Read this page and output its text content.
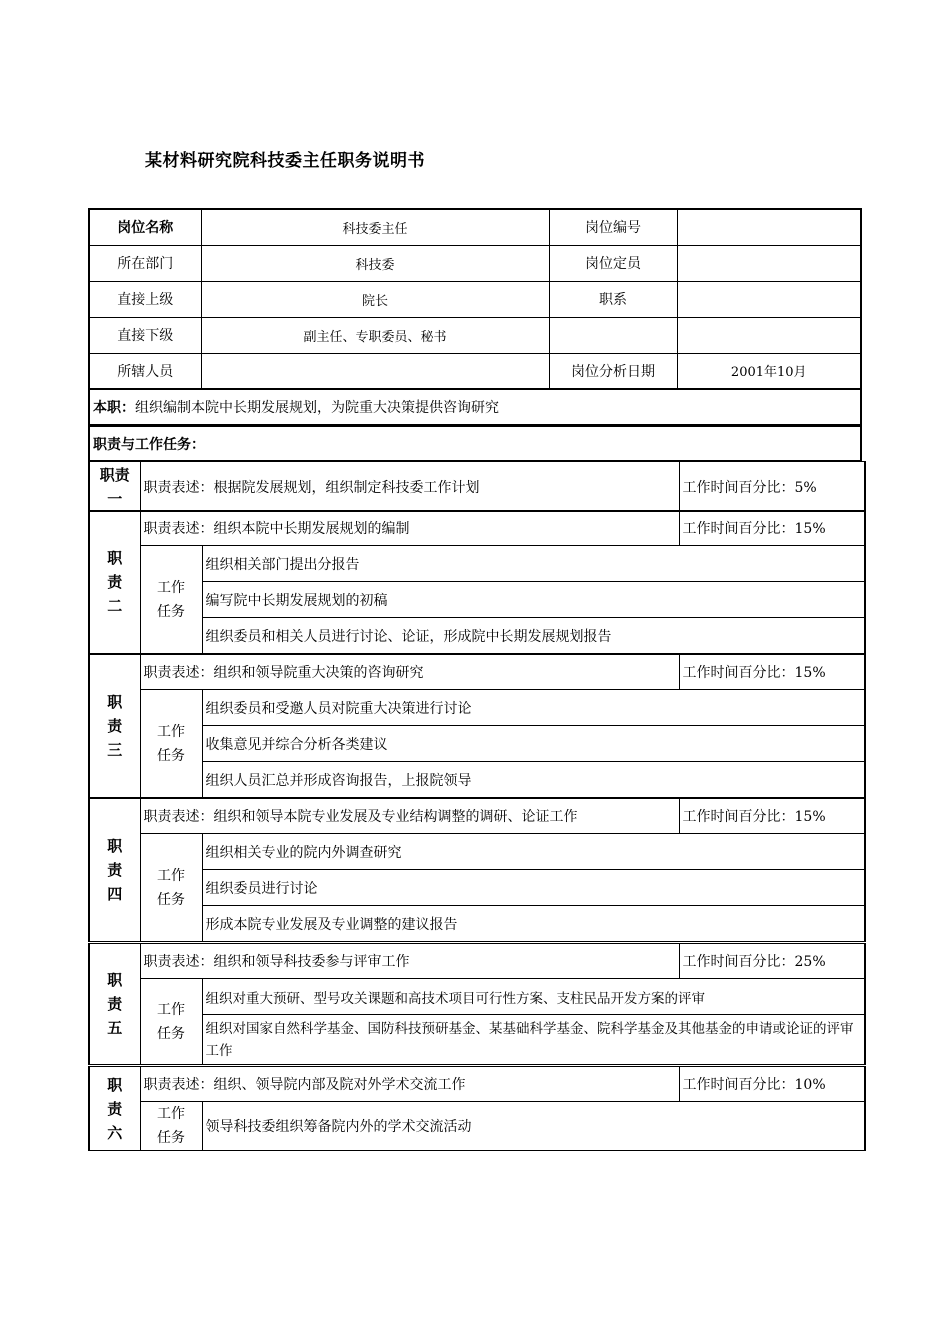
某材料研究院科技委主任职务说明书
岗位名称	科技委主任	岗位编号	
所在部门	科技委	岗位定员	
直接上级	院长	职系	
直接下级	副主任、专职委员、秘书		
所辖人员		岗位分析日期	2001年10月
本职： 组织编制本院中长期发展规划，为院重大决策提供咨询研究
职责与工作任务：
职责
一
	职责表述：根据院发展规划，组织制定科技委工作计划	工作时间百分比：5%
职
责
二	职责表述：组织本院中长期发展规划的编制		工作时间百分比：15%

	工作
任务	组织相关部门提出分报告	
		编写院中长期发展规划的初稿	
		组织委员和相关人员进行讨论、论证，形成院中长期发展规划报告	
职
责
三	职责表述：组织和领导院重大决策的咨询研究		工作时间百分比：15%

	工作
任务	组织委员和受邀人员对院重大决策进行讨论	
		收集意见并综合分析各类建议	
		组织人员汇总并形成咨询报告，上报院领导	
职
责
四	职责表述：组织和领导本院专业发展及专业结构调整的调研、论证工作		工作时间百分比：15%

	工作
任务	组织相关专业的院内外调查研究	
		组织委员进行讨论	
		形成本院专业发展及专业调整的建议报告	
职
责
五	职责表述：组织和领导科技委参与评审工作		工作时间百分比：25%

	工作
任务	组织对重大预研、型号攻关课题和高技术项目可行性方案、支柱民品开发方案的评审	
		组织对国家自然科学基金、国防科技预研基金、某基础科学基金、院科学基金及其他基金的申请或论证的评审工作	
职
责
六	职责表述：组织、领导院内部及院对外学术交流工作		工作时间百分比：10%

	工作
任务	领导科技委组织筹备院内外的学术交流活动	
